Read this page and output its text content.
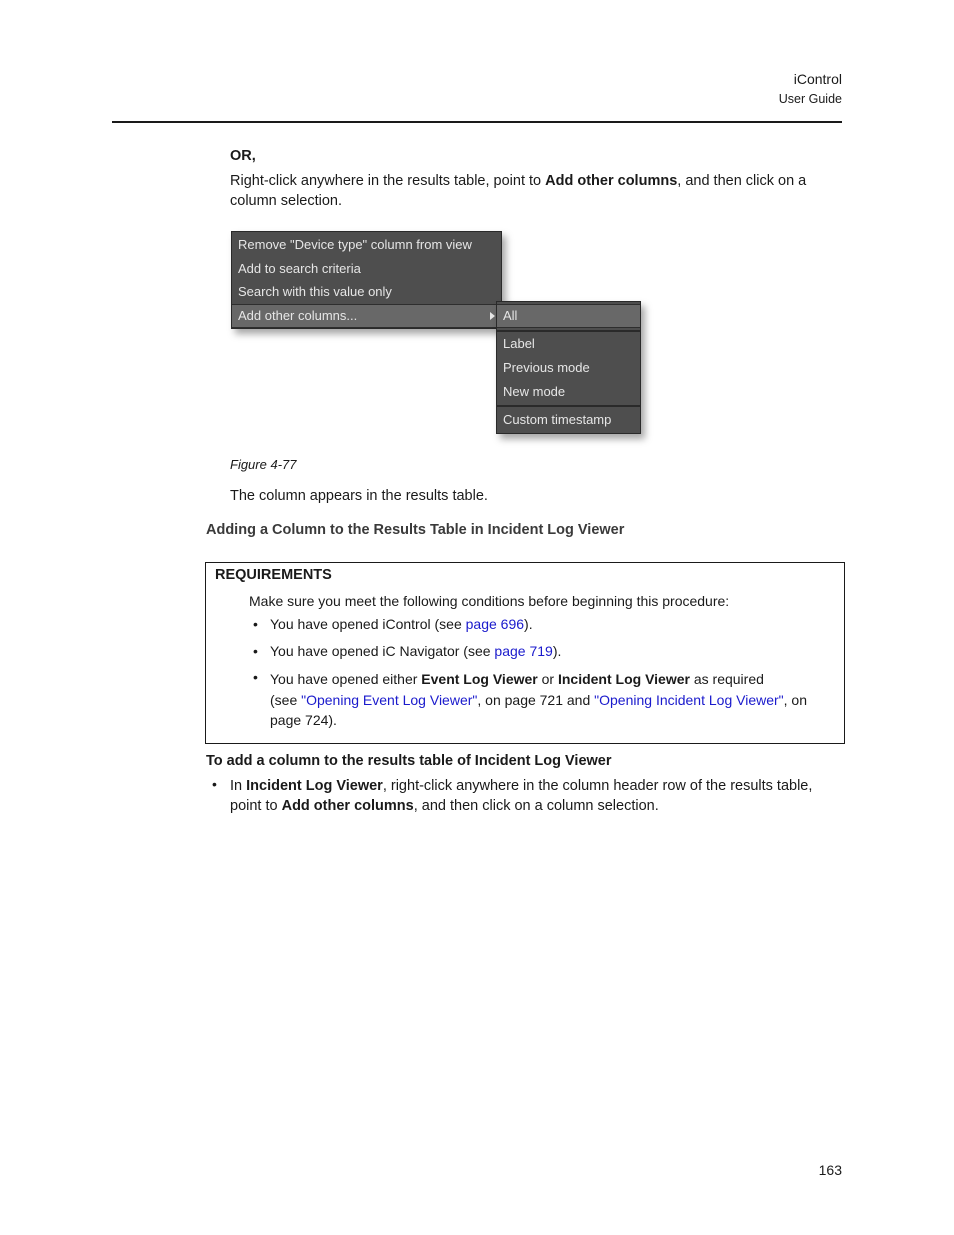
iControl
User Guide
OR,
Right-click anywhere in the results table, point to Add other columns, and then click on a
column selection.
Remove "Device type" column from view
Add to search criteria
Search with this value only
Add other columns...	All
Label
Previous mode
New mode
Custom timestamp
Figure 4-77
The column appears in the results table.
Adding a Column to the Results Table in Incident Log Viewer
REQUIREMENTS
Make sure you meet the following conditions before beginning this procedure:
• You have opened iControl (see page 696).
• You have opened iC Navigator (see page 719).
• You have opened either Event Log Viewer or Incident Log Viewer as required
(see "Opening Event Log Viewer", on page 721 and "Opening Incident Log Viewer", on
page 724).
To add a column to the results table of Incident Log Viewer
• In Incident Log Viewer, right-click anywhere in the column header row of the results table,
point to Add other columns, and then click on a column selection.
163
